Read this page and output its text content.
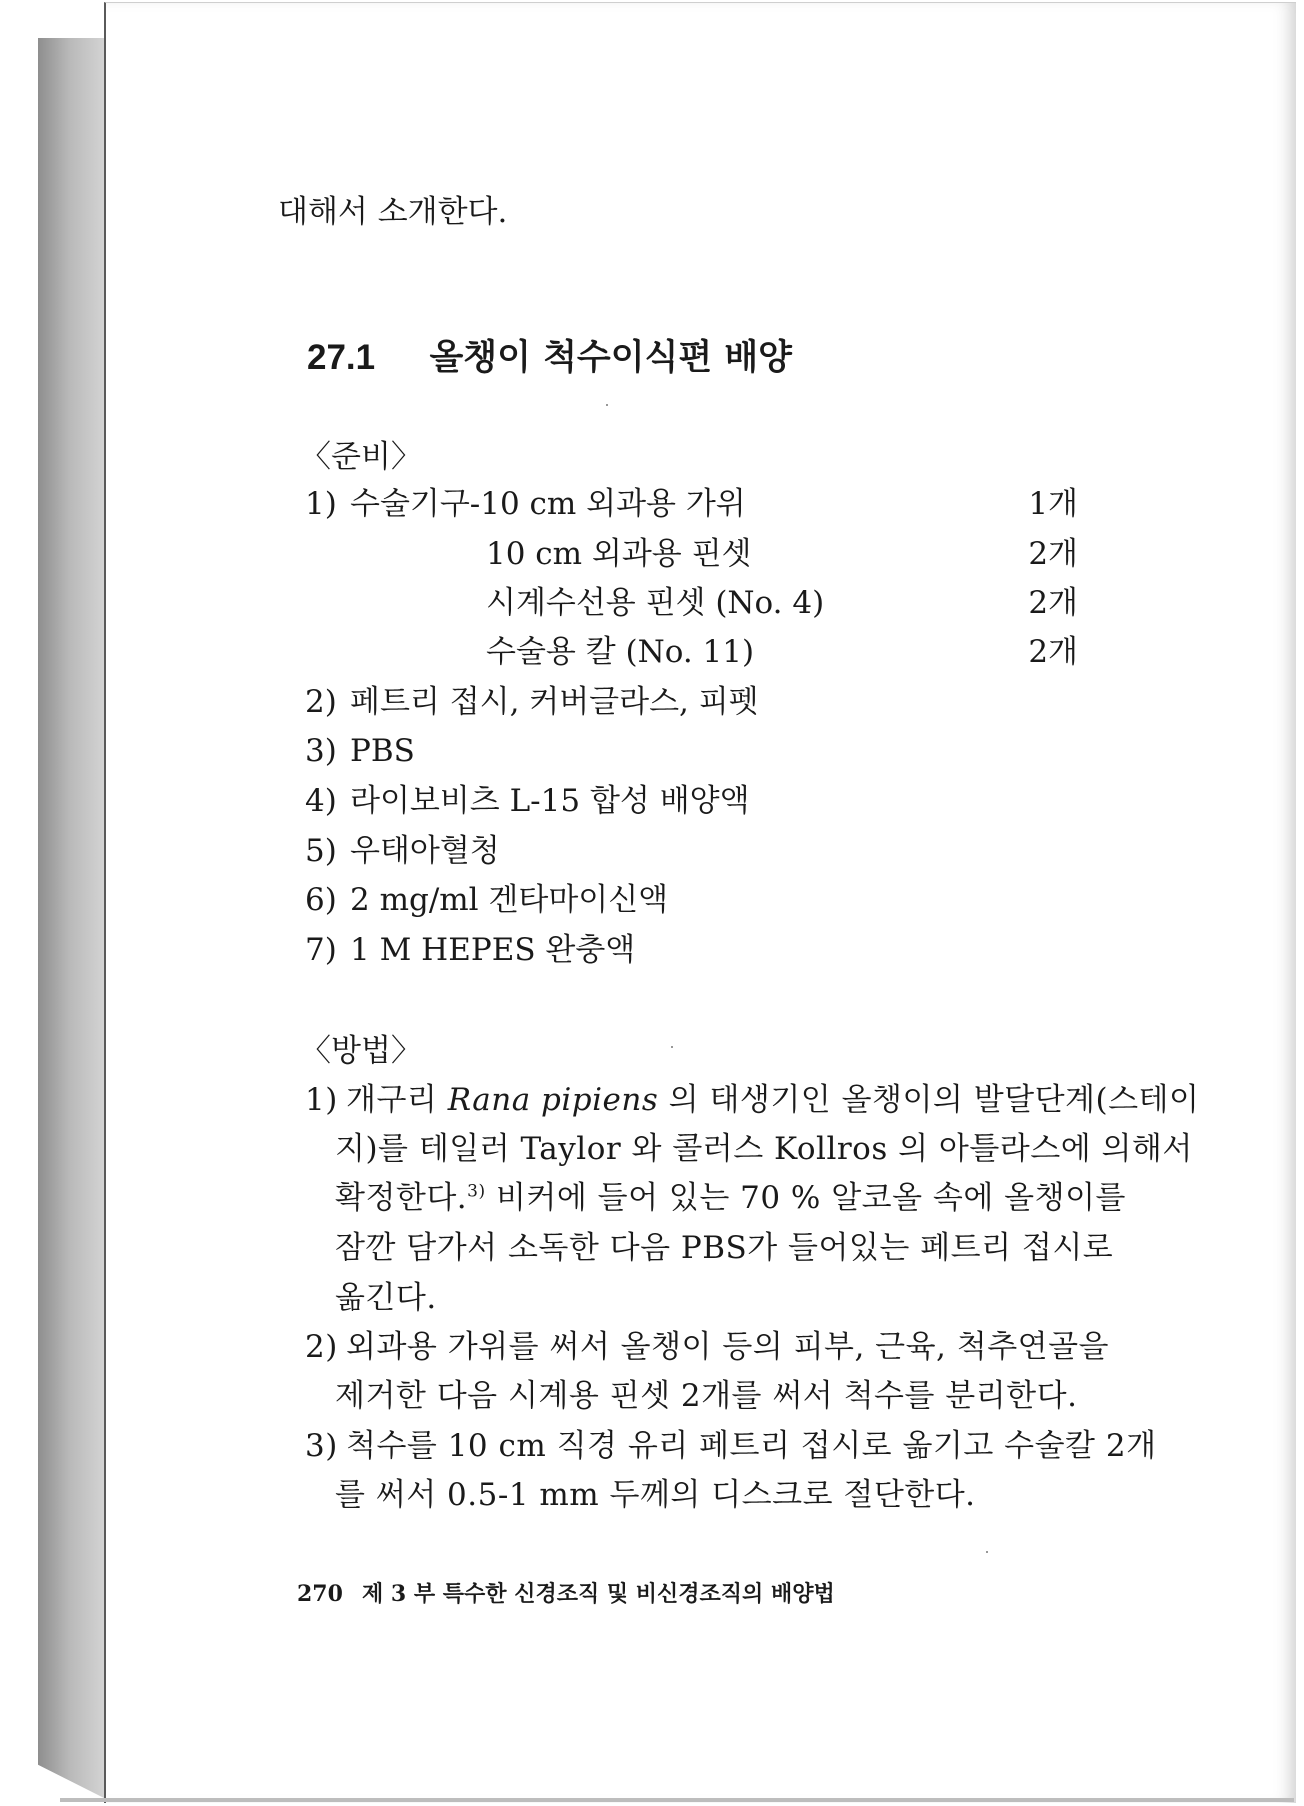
대해서 소개한다.
27.1 올챙이 척수이식편 배양
〈준비〉
1) 수술기구-10 cm 외과용 가위	1개
10 cm 외과용 핀셋	2개
시계수선용 핀셋 (No. 4)	2개
수술용 칼 (No. 11)	2개
2) 페트리 접시, 커버글라스, 피펫
3) PBS
4) 라이보비츠 L-15 합성 배양액
5) 우태아혈청
6) 2 mg/ml 겐타마이신액
7) 1 M HEPES 완충액
〈방법〉
1) 개구리 Rana pipiens 의 태생기인 올챙이의 발달단계(스테이
지)를 테일러 Taylor 와 콜러스 Kollros 의 아틀라스에 의해서
확정한다.$^{3)}$ 비커에 들어 있는 70 % 알코올 속에 올챙이를
잠깐 담가서 소독한 다음 PBS가 들어있는 페트리 접시로
옮긴다.
2) 외과용 가위를 써서 올챙이 등의 피부, 근육, 척추연골을
제거한 다음 시계용 핀셋 2개를 써서 척수를 분리한다.
3) 척수를 10 cm 직경 유리 페트리 접시로 옮기고 수술칼 2개
를 써서 0.5-1 mm 두께의 디스크로 절단한다.
270 제 3 부 특수한 신경조직 및 비신경조직의 배양법
